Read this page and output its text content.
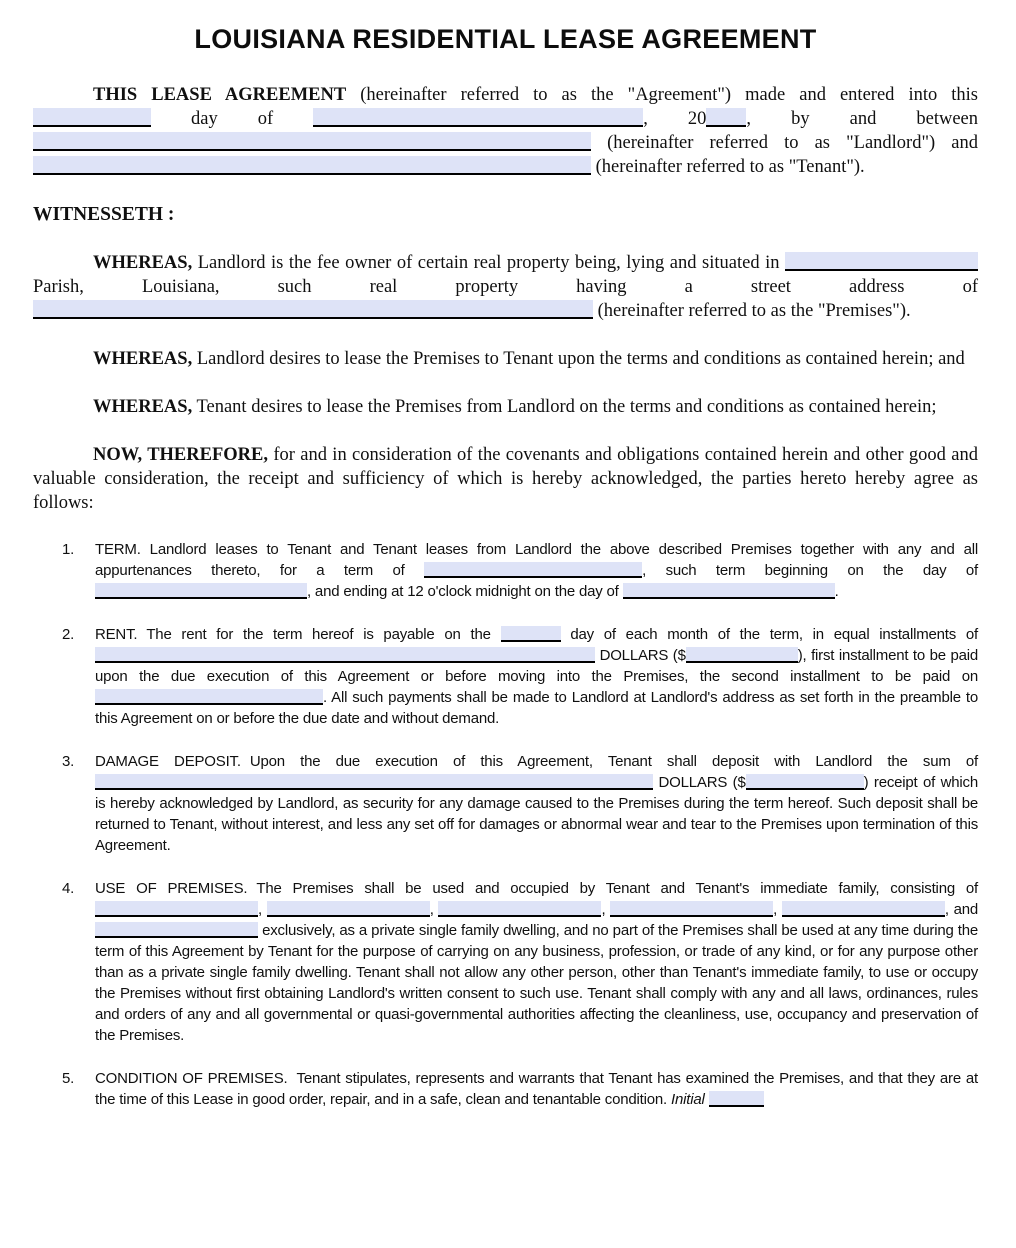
LOUISIANA RESIDENTIAL LEASE AGREEMENT
THIS LEASE AGREEMENT (hereinafter referred to as the "Agreement") made and entered into this  day of	, 20 , by and between  (hereinafter referred to as "Landlord") and  (hereinafter referred to as "Tenant").
WITNESSETH :
WHEREAS, Landlord is the fee owner of certain real property being, lying and situated in  Parish, Louisiana, such real property having a street address of  (hereinafter referred to as the "Premises").
WHEREAS, Landlord desires to lease the Premises to Tenant upon the terms and conditions as contained herein; and
WHEREAS, Tenant desires to lease the Premises from Landlord on the terms and conditions as contained herein;
NOW, THEREFORE, for and in consideration of the covenants and obligations contained herein and other good and valuable consideration, the receipt and sufficiency of which is hereby acknowledged, the parties hereto hereby agree as follows:
1.	TERM. Landlord leases to Tenant and Tenant leases from Landlord the above described Premises together with any and all appurtenances thereto, for a term of	, such term beginning on the day of , and ending at 12 o'clock midnight on the day of	.
2.	RENT. The rent for the term hereof is payable on the	day of each month of the term, in equal installments of  DOLLARS ($	), first installment to be paid upon the due execution of this Agreement or before moving into the Premises, the second installment to be paid on . All such payments shall be made to Landlord at Landlord's address as set forth in the preamble to this Agreement on or before the due date and without demand.
3.	DAMAGE DEPOSIT. Upon the due execution of this Agreement, Tenant shall deposit with Landlord the sum of  DOLLARS ($	) receipt of which is hereby acknowledged by Landlord, as security for any damage caused to the Premises during the term hereof. Such deposit shall be returned to Tenant, without interest, and less any set off for damages or abnormal wear and tear to the Premises upon termination of this Agreement.
4.	USE OF PREMISES. The Premises shall be used and occupied by Tenant and Tenant's immediate family, consisting of ,	,	,	,	, and  exclusively, as a private single family dwelling, and no part of the Premises shall be used at any time during the term of this Agreement by Tenant for the purpose of carrying on any business, profession, or trade of any kind, or for any purpose other than as a private single family dwelling. Tenant shall not allow any other person, other than Tenant's immediate family, to use or occupy the Premises without first obtaining Landlord's written consent to such use. Tenant shall comply with any and all laws, ordinances, rules and orders of any and all governmental or quasi-governmental authorities affecting the cleanliness, use, occupancy and preservation of the Premises.
5.	CONDITION OF PREMISES. Tenant stipulates, represents and warrants that Tenant has examined the Premises, and that they are at the time of this Lease in good order, repair, and in a safe, clean and tenantable condition. Initial
